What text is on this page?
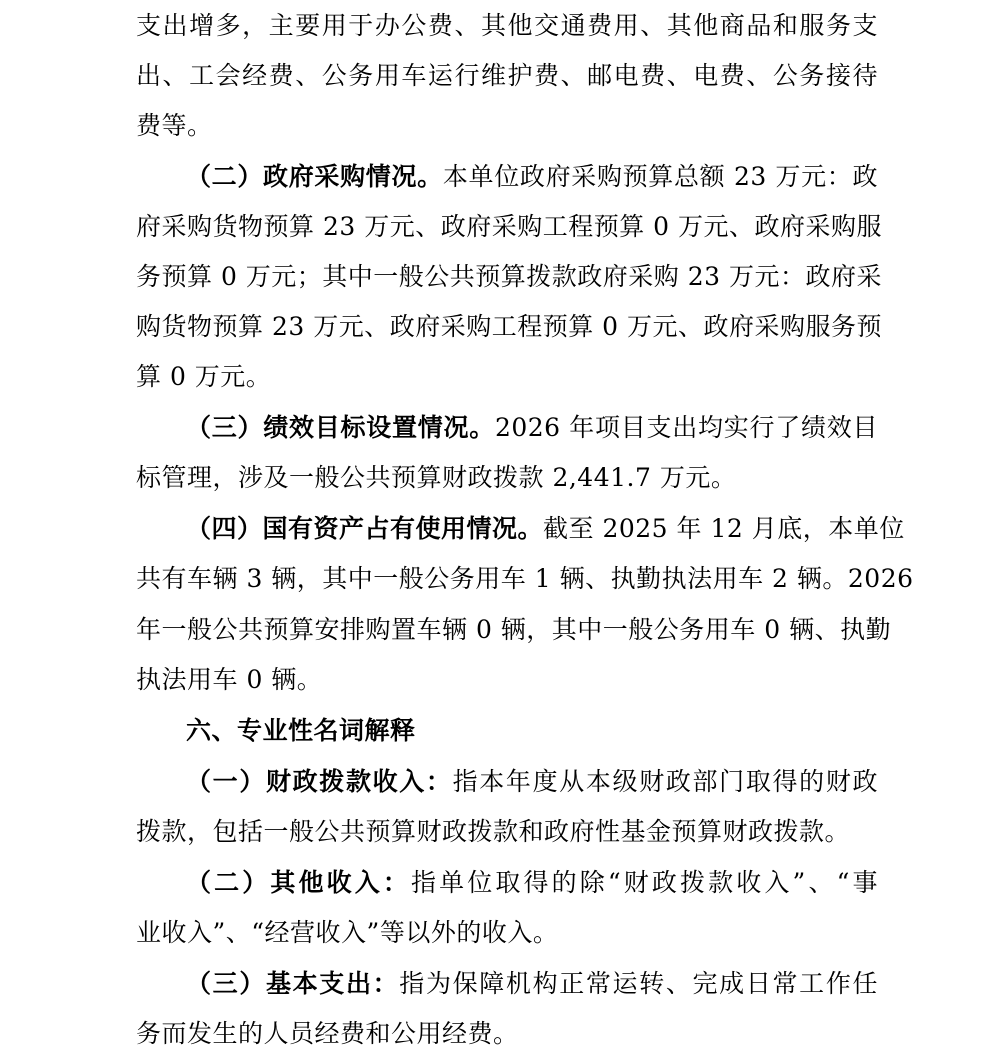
支出增多，主要用于办公费、其他交通费用、其他商品和服务支
出、工会经费、公务用车运行维护费、邮电费、电费、公务接待
费等。
（二）政府采购情况。本单位政府采购预算总额 23 万元：政
府采购货物预算 23 万元、政府采购工程预算 0 万元、政府采购服
务预算 0 万元；其中一般公共预算拨款政府采购 23 万元：政府采
购货物预算 23 万元、政府采购工程预算 0 万元、政府采购服务预
算 0 万元。
（三）绩效目标设置情况。2026 年项目支出均实行了绩效目
标管理，涉及一般公共预算财政拨款 2,441.7 万元。
（四）国有资产占有使用情况。截至 2025 年 12 月底，本单位
共有车辆 3 辆，其中一般公务用车 1 辆、执勤执法用车 2 辆。2026
年一般公共预算安排购置车辆 0 辆，其中一般公务用车 0 辆、执勤
执法用车 0 辆。
六、专业性名词解释
（一）财政拨款收入：指本年度从本级财政部门取得的财政
拨款，包括一般公共预算财政拨款和政府性基金预算财政拨款。
（二）其他收入：指单位取得的除“财政拨款收入”、“事
业收入”、“经营收入”等以外的收入。
（三）基本支出：指为保障机构正常运转、完成日常工作任
务而发生的人员经费和公用经费。
